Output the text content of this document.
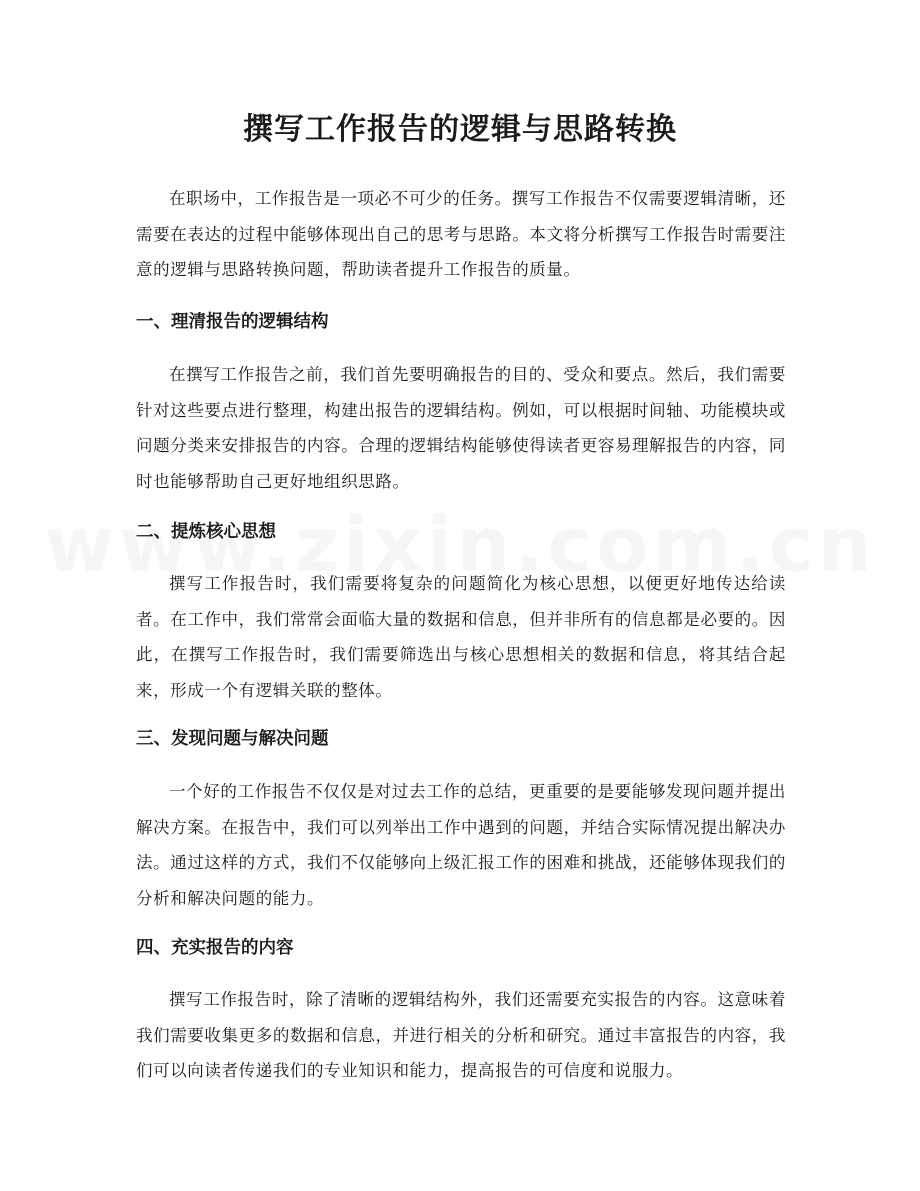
撰写工作报告的逻辑与思路转换

在职场中，工作报告是一项必不可少的任务。撰写工作报告不仅需要逻辑清晰，还需要在表达的过程中能够体现出自己的思考与思路。本文将分析撰写工作报告时需要注意的逻辑与思路转换问题，帮助读者提升工作报告的质量。

一、理清报告的逻辑结构

在撰写工作报告之前，我们首先要明确报告的目的、受众和要点。然后，我们需要针对这些要点进行整理，构建出报告的逻辑结构。例如，可以根据时间轴、功能模块或问题分类来安排报告的内容。合理的逻辑结构能够使得读者更容易理解报告的内容，同时也能够帮助自己更好地组织思路。

二、提炼核心思想

撰写工作报告时，我们需要将复杂的问题简化为核心思想，以便更好地传达给读者。在工作中，我们常常会面临大量的数据和信息，但并非所有的信息都是必要的。因此，在撰写工作报告时，我们需要筛选出与核心思想相关的数据和信息，将其结合起来，形成一个有逻辑关联的整体。

三、发现问题与解决问题

一个好的工作报告不仅仅是对过去工作的总结，更重要的是要能够发现问题并提出解决方案。在报告中，我们可以列举出工作中遇到的问题，并结合实际情况提出解决办法。通过这样的方式，我们不仅能够向上级汇报工作的困难和挑战，还能够体现我们的分析和解决问题的能力。

四、充实报告的内容

撰写工作报告时，除了清晰的逻辑结构外，我们还需要充实报告的内容。这意味着我们需要收集更多的数据和信息，并进行相关的分析和研究。通过丰富报告的内容，我们可以向读者传递我们的专业知识和能力，提高报告的可信度和说服力。
